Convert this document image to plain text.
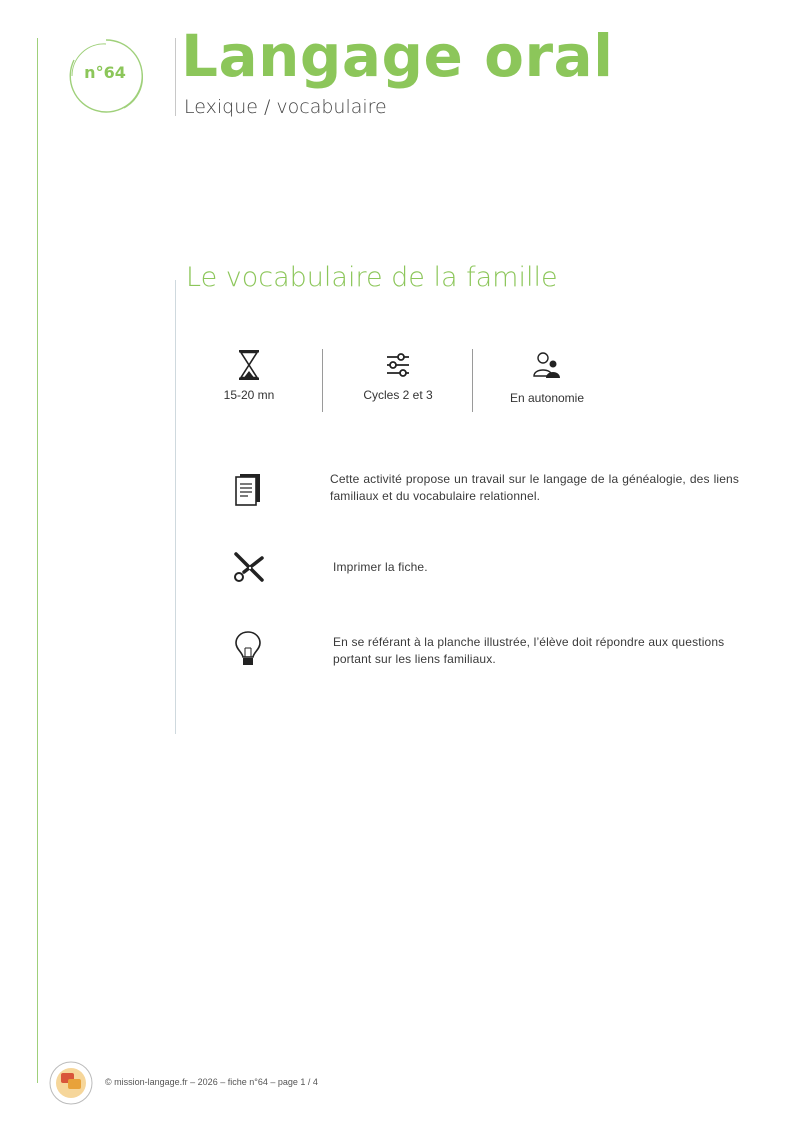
n°64 Langage oral
Lexique / vocabulaire
Le vocabulaire de la famille
15-20 mn	Cycles 2 et 3	En autonomie

Cette activité propose un travail sur le langage de la généalogie, des liens familiaux et du vocabulaire relationnel.

Imprimer la fiche.

En se référant à la planche illustrée, l’élève doit répondre aux questions portant sur les liens familiaux.

© mission-langage.fr – 2026 – fiche n°64 – page 1 / 4
